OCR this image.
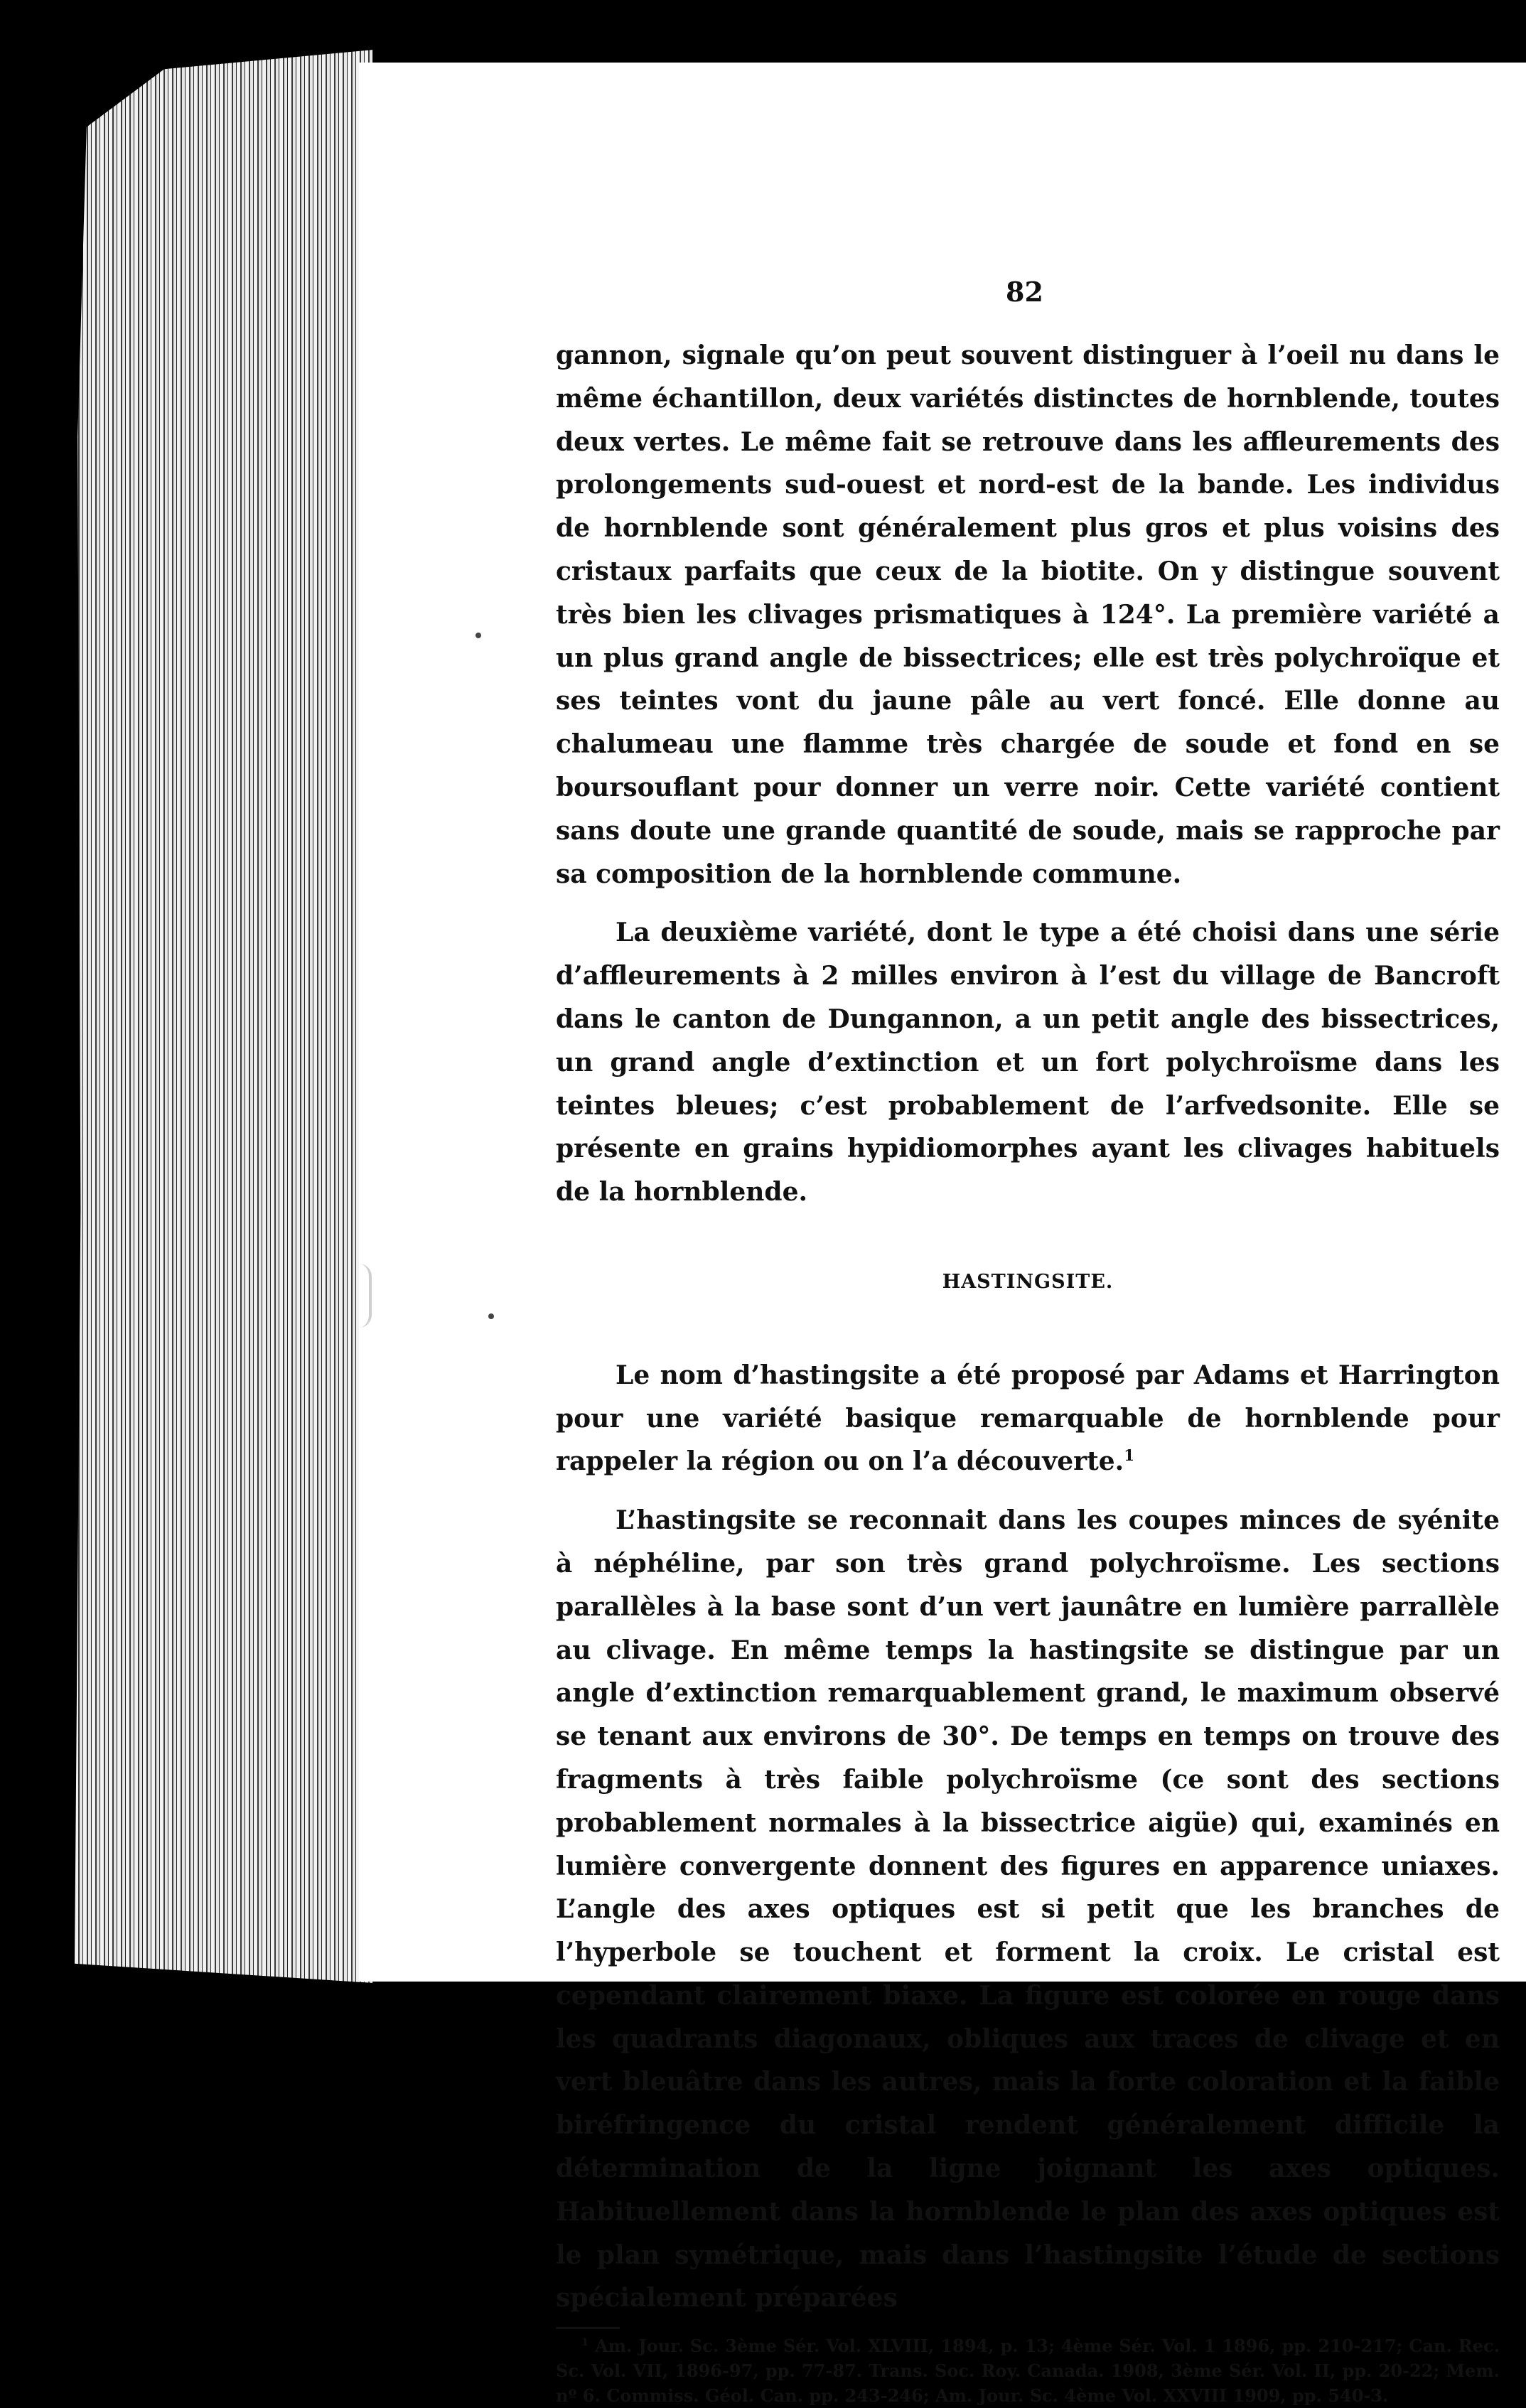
82

gannon, signale qu’on peut souvent distinguer à l’oeil nu dans le même échantillon, deux variétés distinctes de hornblende, toutes deux vertes. Le même fait se retrouve dans les affleurements des prolongements sud-ouest et nord-est de la bande. Les individus de hornblende sont généralement plus gros et plus voisins des cristaux parfaits que ceux de la biotite. On y distingue souvent très bien les clivages prismatiques à 124°. La première variété a un plus grand angle de bissectrices; elle est très polychroïque et ses teintes vont du jaune pâle au vert foncé. Elle donne au chalumeau une flamme très chargée de soude et fond en se boursouflant pour donner un verre noir. Cette variété contient sans doute une grande quantité de soude, mais se rapproche par sa composition de la hornblende commune.

La deuxième variété, dont le type a été choisi dans une série d’affleurements à 2 milles environ à l’est du village de Bancroft dans le canton de Dungannon, a un petit angle des bissectrices, un grand angle d’extinction et un fort polychroïsme dans les teintes bleues; c’est probablement de l’arfvedsonite. Elle se présente en grains hypidiomorphes ayant les clivages habituels de la hornblende.

HASTINGSITE.

Le nom d’hastingsite a été proposé par Adams et Harrington pour une variété basique remarquable de hornblende pour rappeler la région ou on l’a découverte.$^1$

L’hastingsite se reconnait dans les coupes minces de syénite à néphéline, par son très grand polychroïsme. Les sections parallèles à la base sont d’un vert jaunâtre en lumière parrallèle au clivage. En même temps la hastingsite se distingue par un angle d’extinction remarquablement grand, le maximum observé se tenant aux environs de 30°. De temps en temps on trouve des fragments à très faible polychroïsme (ce sont des sections probablement normales à la bissectrice aigüe) qui, examinés en lumière convergente donnent des figures en apparence uniaxes. L’angle des axes optiques est si petit que les branches de l’hyperbole se touchent et forment la croix. Le cristal est cependant clairement biaxe. La figure est colorée en rouge dans les quadrants diagonaux, obliques aux traces de clivage et en vert bleuâtre dans les autres, mais la forte coloration et la faible biréfringence du cristal rendent généralement difficile la détermination de la ligne joignant les axes optiques. Habituellement dans la hornblende le plan des axes optiques est le plan symétrique, mais dans l’hastingsite l’étude de sections spécialement préparées

$^1$ Am. Jour. Sc. 3ème Sér. Vol. XLVIII, 1894, p. 13; 4ème Sér. Vol. 1 1896, pp. 210-217; Can. Rec. Sc. Vol. VII, 1896-97, pp. 77-87. Trans. Soc. Roy. Canada. 1908, 3ème Sér. Vol. II, pp. 20-22; Mem. nº 6. Commiss. Géol. Can. pp. 243-246; Am. Jour. Sc. 4ème Vol. XXVIII 1909, pp. 540-3.
